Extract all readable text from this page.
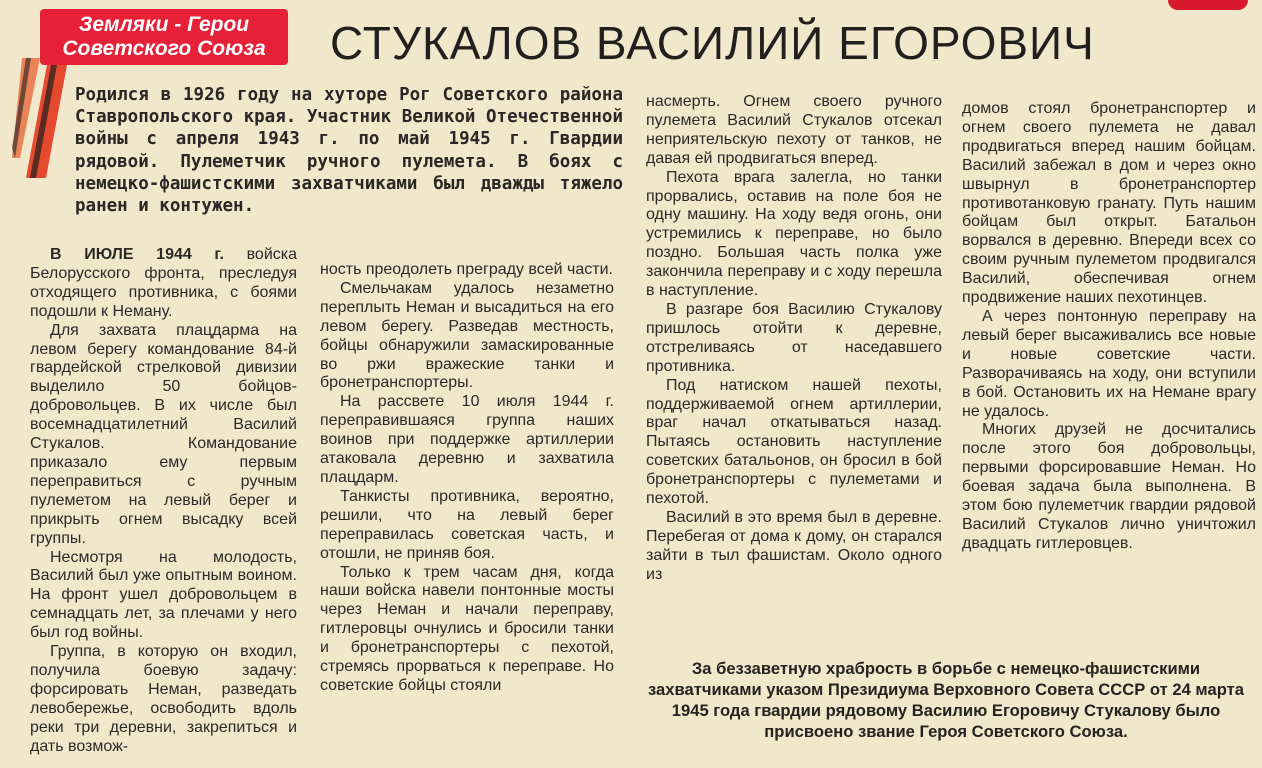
Земляки - Герои
Советского Союза	СТУКАЛОВ ВАСИЛИЙ ЕГОРОВИЧ
Родился в 1926 году на хуторе Рог Советского района Ставропольского края. Участник Великой Отечественной войны с апреля 1943 г. по май 1945 г. Гвардии рядовой. Пулеметчик ручного пулемета. В боях с немецко-фашистскими захватчиками был дважды тяжело ранен и контужен.

В ИЮЛЕ 1944 г. войска Белорусского фронта, преследуя отходящего противника, с боями подошли к Неману.

Для захвата плацдарма на левом берегу командование 84-й гвардейской стрелковой дивизии выделило 50 бойцов-добровольцев. В их числе был восемнадцатилетний Василий Стукалов. Командование приказало ему первым переправиться с ручным пулеметом на левый берег и прикрыть огнем высадку всей группы.

Несмотря на молодость, Василий был уже опытным воином. На фронт ушел добровольцем в семнадцать лет, за плечами у него был год войны.

Группа, в которую он входил, получила боевую задачу: форсировать Неман, разведать левобережье, освободить вдоль реки три деревни, закрепиться и дать возмож-

ность преодолеть преграду всей части.

Смельчакам удалось незаметно переплыть Неман и высадиться на его левом берегу. Разведав местность, бойцы обнаружили замаскированные во ржи вражеские танки и бронетранспортеры.

На рассвете 10 июля 1944 г. переправившаяся группа наших воинов при поддержке артиллерии атаковала деревню и захватила плацдарм.

Танкисты противника, вероятно, решили, что на левый берег переправилась советская часть, и отошли, не приняв боя.

Только к трем часам дня, когда наши войска навели понтонные мосты через Неман и начали переправу, гитлеровцы очнулись и бросили танки и бронетранспортеры с пехотой, стремясь прорваться к переправе. Но советские бойцы стояли

насмерть. Огнем своего ручного пулемета Василий Стукалов отсекал неприятельскую пехоту от танков, не давая ей продвигаться вперед.

Пехота врага залегла, но танки прорвались, оставив на поле боя не одну машину. На ходу ведя огонь, они устремились к переправе, но было поздно. Большая часть полка уже закончила переправу и с ходу перешла в наступление.

В разгаре боя Василию Стукалову пришлось отойти к деревне, отстреливаясь от наседавшего противника.

Под натиском нашей пехоты, поддерживаемой огнем артиллерии, враг начал откатываться назад. Пытаясь остановить наступление советских батальонов, он бросил в бой бронетранспортеры с пулеметами и пехотой.

Василий в это время был в деревне. Перебегая от дома к дому, он старался зайти в тыл фашистам. Около одного из

домов стоял бронетранспортер и огнем своего пулемета не давал продвигаться вперед нашим бойцам. Василий забежал в дом и через окно швырнул в бронетранспортер противотанковую гранату. Путь нашим бойцам был открыт. Батальон ворвался в деревню. Впереди всех со своим ручным пулеметом продвигался Василий, обеспечивая огнем продвижение наших пехотинцев.

А через понтонную переправу на левый берег высаживались все новые и новые советские части. Разворачиваясь на ходу, они вступили в бой. Остановить их на Немане врагу не удалось.

Многих друзей не досчитались после этого боя добровольцы, первыми форсировавшие Неман. Но боевая задача была выполнена. В этом бою пулеметчик гвардии рядовой Василий Стукалов лично уничтожил двадцать гитлеровцев.

За беззаветную храбрость в борьбе с немецко-фашистскими захватчиками указом Президиума Верховного Совета СССР от 24 марта 1945 года гвардии рядовому Василию Егоровичу Стукалову было присвоено звание Героя Советского Союза.
